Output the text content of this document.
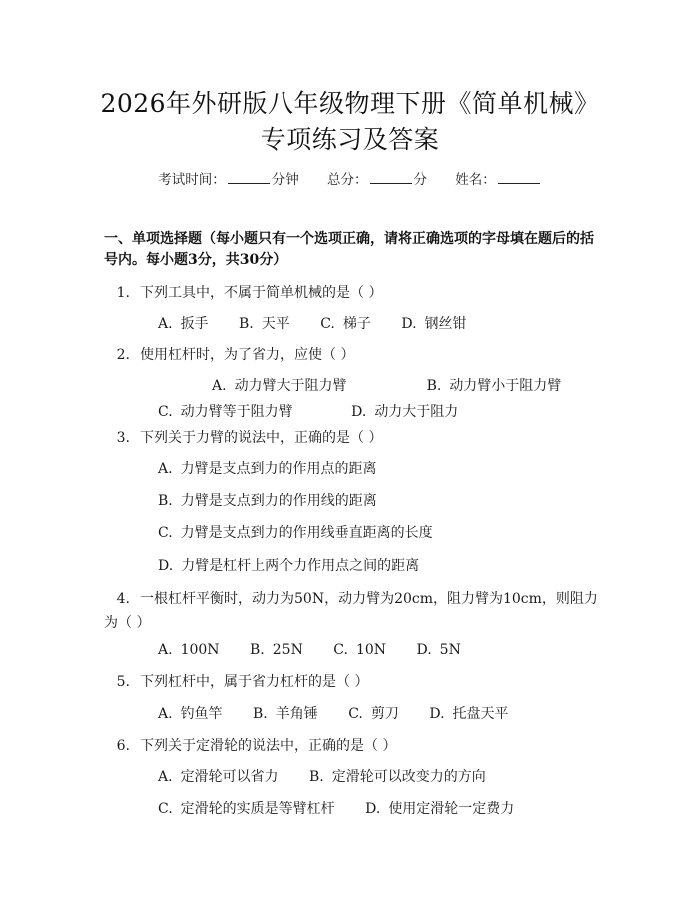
2026年外研版八年级物理下册《简单机械》
专项练习及答案
考试时间：	分钟 总分：	分 姓名：
一、单项选择题（每小题只有一个选项正确，请将正确选项的字母填在题后的括号内。每小题3分，共30分）
1. 下列工具中，不属于简单机械的是（ ）
A. 扳手 B. 天平 C. 梯子 D. 钢丝钳
2. 使用杠杆时，为了省力，应使（ ）
A. 动力臂大于阻力臂	B. 动力臂小于阻力臂C. 动力臂等于阻力臂	D. 动力大于阻力
3. 下列关于力臂的说法中，正确的是（ ）
A. 力臂是支点到力的作用点的距离
B. 力臂是支点到力的作用线的距离
C. 力臂是支点到力的作用线垂直距离的长度
D. 力臂是杠杆上两个力作用点之间的距离
4. 一根杠杆平衡时，动力为50N，动力臂为20cm，阻力臂为10cm，则阻力
为（ ）
A. 100N B. 25N C. 10N D. 5N
5. 下列杠杆中，属于省力杠杆的是（ ）
A. 钓鱼竿 B. 羊角锤 C. 剪刀 D. 托盘天平
6. 下列关于定滑轮的说法中，正确的是（ ）
A. 定滑轮可以省力 B. 定滑轮可以改变力的方向
C. 定滑轮的实质是等臂杠杆 D. 使用定滑轮一定费力
